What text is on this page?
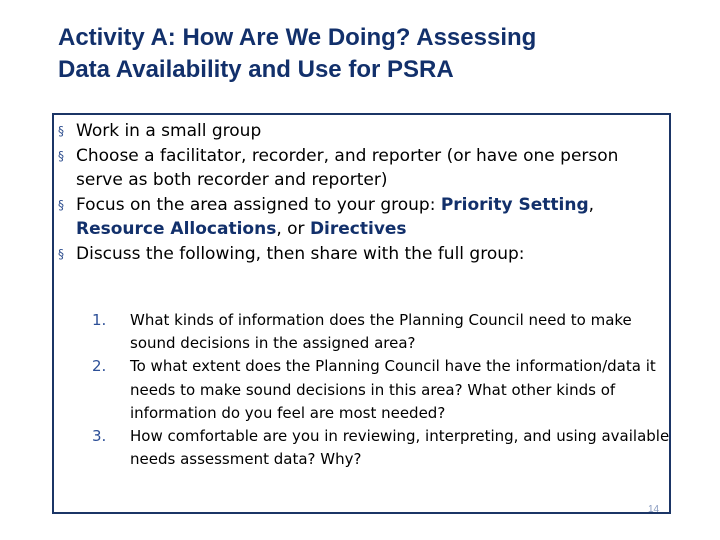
Activity A: How Are We Doing? Assessing
Data Availability and Use for PSRA
§ Work in a small group
§ Choose a facilitator, recorder, and reporter (or have one person serve as both recorder and reporter)
§ Focus on the area assigned to your group: Priority Setting, Resource Allocations, or Directives
§ Discuss the following, then share with the full group:
1. What kinds of information does the Planning Council need to make sound decisions in the assigned area?
2. To what extent does the Planning Council have the information/data it needs to make sound decisions in this area? What other kinds of information do you feel are most needed?
3. How comfortable are you in reviewing, interpreting, and using available needs assessment data? Why?
14
